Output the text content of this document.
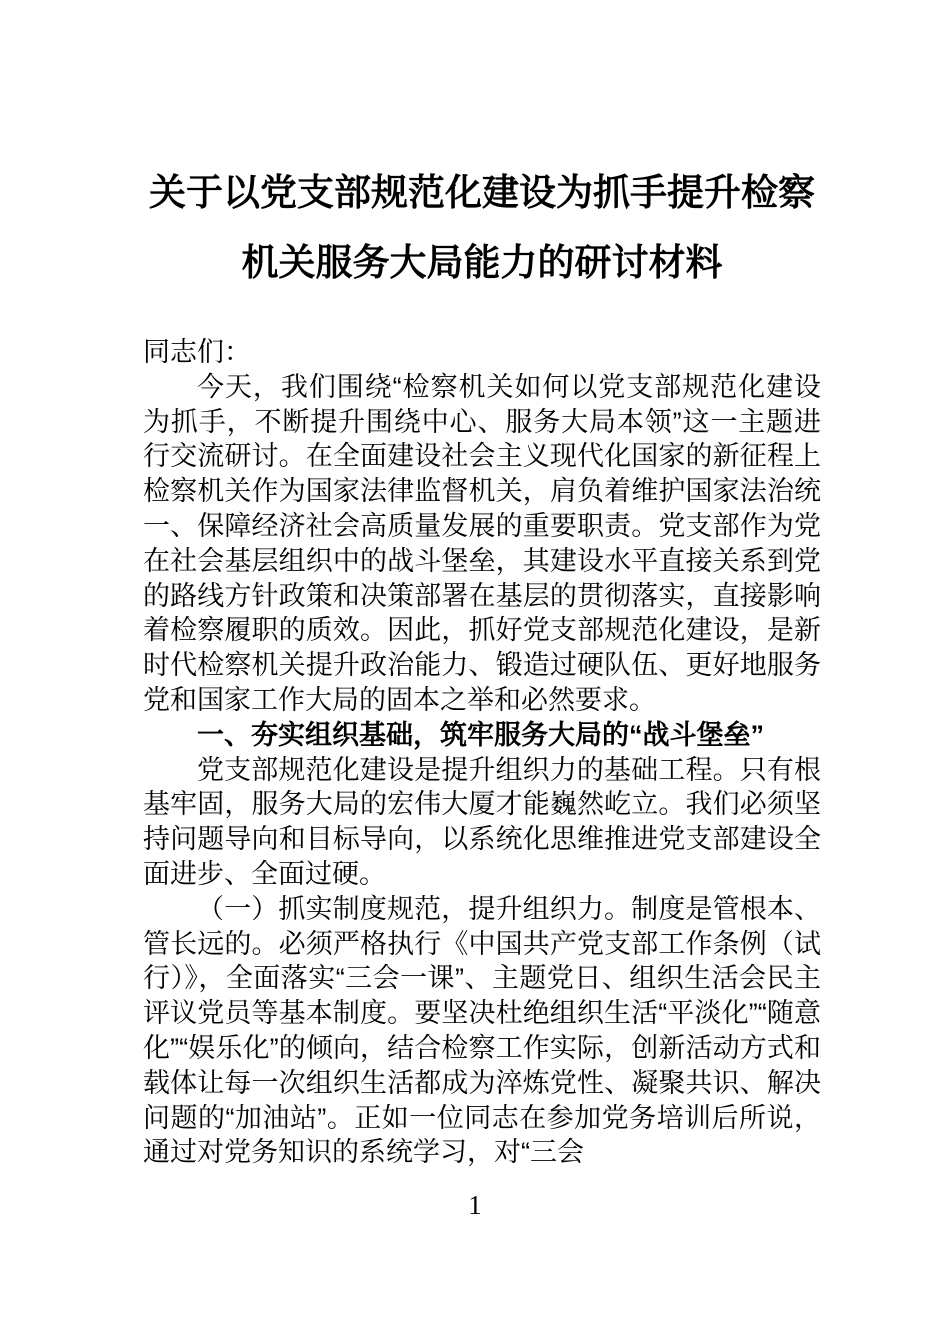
关于以党支部规范化建设为抓手提升检察机关服务大局能力的研讨材料

同志们：

今天，我们围绕“检察机关如何以党支部规范化建设为抓手，不断提升围绕中心、服务大局本领”这一主题进行交流研讨。在全面建设社会主义现代化国家的新征程上检察机关作为国家法律监督机关，肩负着维护国家法治统一、保障经济社会高质量发展的重要职责。党支部作为党在社会基层组织中的战斗堡垒，其建设水平直接关系到党的路线方针政策和决策部署在基层的贯彻落实，直接影响着检察履职的质效。因此，抓好党支部规范化建设，是新时代检察机关提升政治能力、锻造过硬队伍、更好地服务党和国家工作大局的固本之举和必然要求。

一、夯实组织基础，筑牢服务大局的“战斗堡垒”

党支部规范化建设是提升组织力的基础工程。只有根基牢固，服务大局的宏伟大厦才能巍然屹立。我们必须坚持问题导向和目标导向，以系统化思维推进党支部建设全面进步、全面过硬。

（一）抓实制度规范，提升组织力。制度是管根本、管长远的。必须严格执行《中国共产党支部工作条例（试行）》，全面落实“三会一课”、主题党日、组织生活会民主评议党员等基本制度。要坚决杜绝组织生活“平淡化”“随意化”“娱乐化”的倾向，结合检察工作实际，创新活动方式和载体让每一次组织生活都成为淬炼党性、凝聚共识、解决问题的“加油站”。正如一位同志在参加党务培训后所说，通过对党务知识的系统学习，对“三会

1
